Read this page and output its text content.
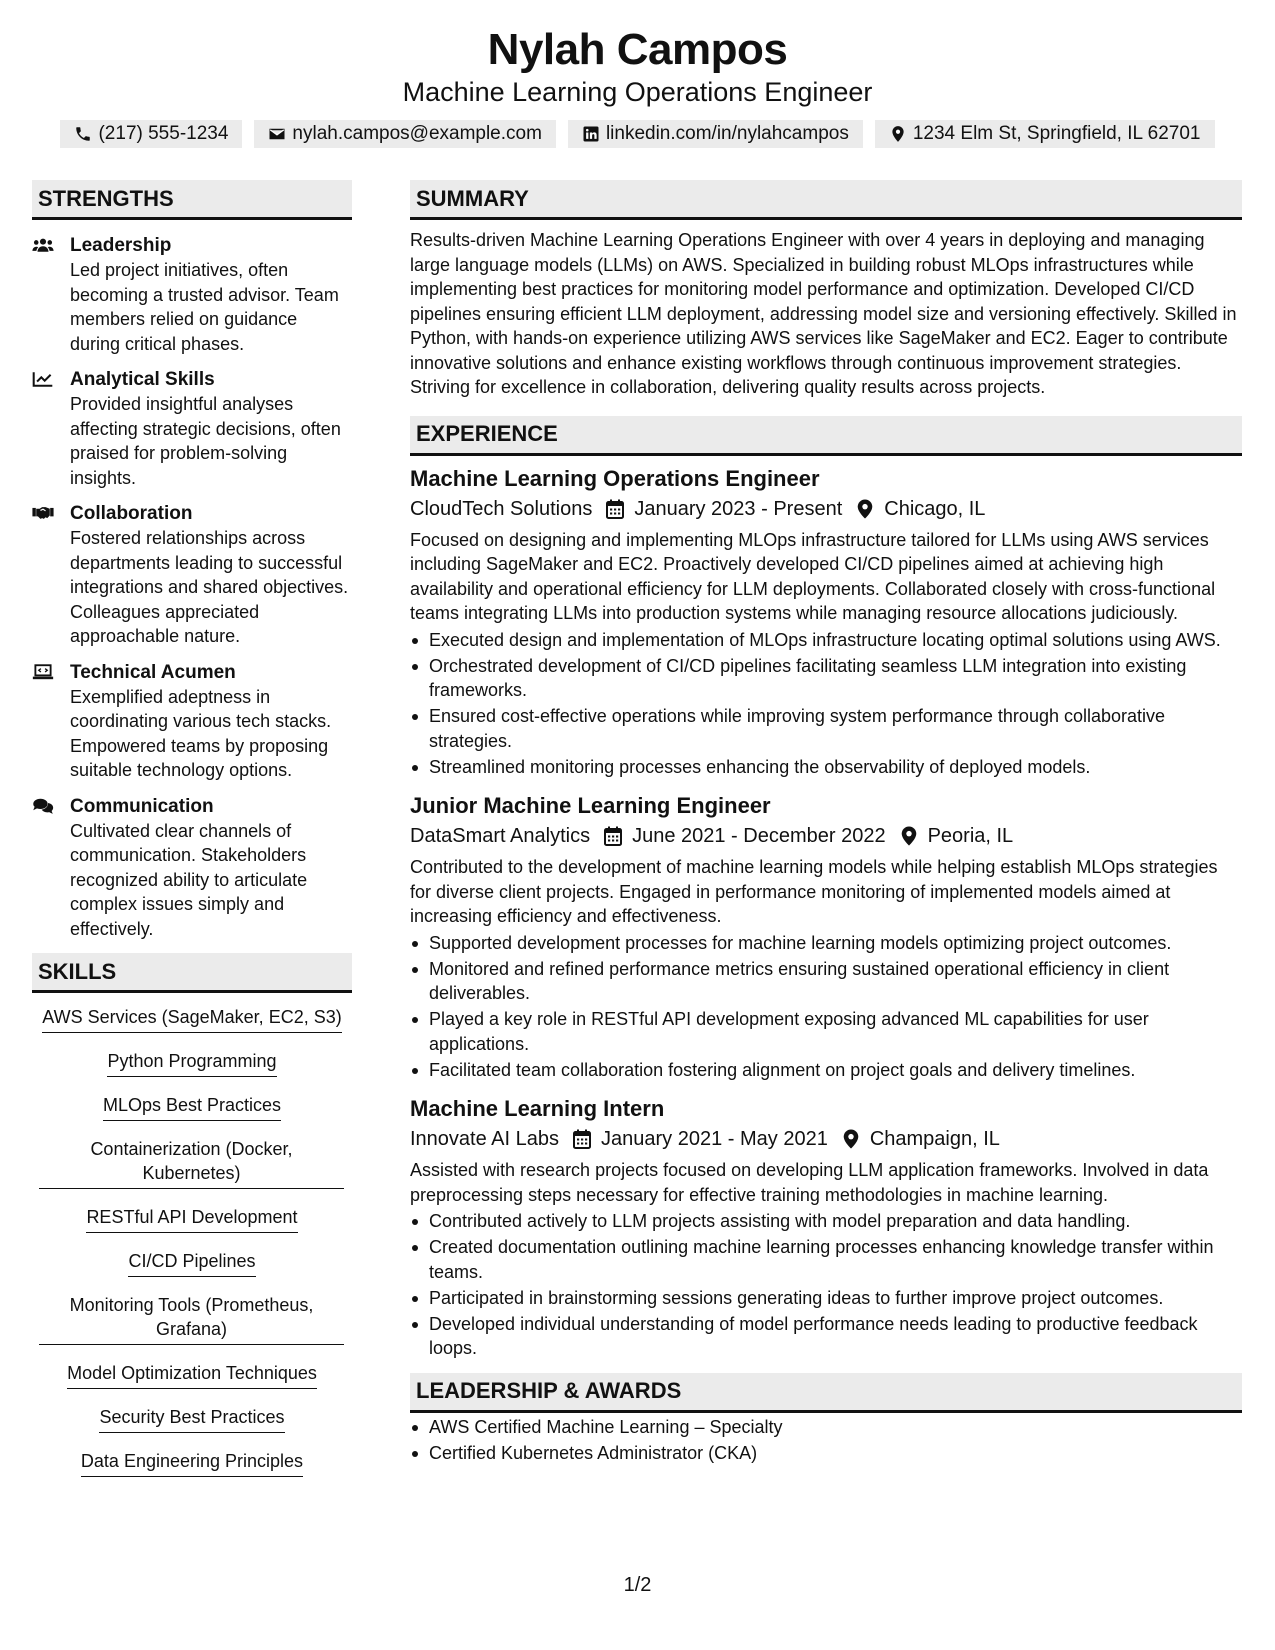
Nylah Campos
Machine Learning Operations Engineer
(217) 555-1234	nylah.campos@example.com	linkedin.com/in/nylahcampos	1234 Elm St, Springfield, IL 62701
STRENGTHS
Leadership
Led project initiatives, often becoming a trusted advisor. Team members relied on guidance during critical phases.
Analytical Skills
Provided insightful analyses affecting strategic decisions, often praised for problem-solving insights.
Collaboration
Fostered relationships across departments leading to successful integrations and shared objectives. Colleagues appreciated approachable nature.
Technical Acumen
Exemplified adeptness in coordinating various tech stacks. Empowered teams by proposing suitable technology options.
Communication
Cultivated clear channels of communication. Stakeholders recognized ability to articulate complex issues simply and effectively.
SKILLS
AWS Services (SageMaker, EC2, S3)
Python Programming
MLOps Best Practices
Containerization (Docker, Kubernetes)
RESTful API Development
CI/CD Pipelines
Monitoring Tools (Prometheus, Grafana)
Model Optimization Techniques
Security Best Practices
Data Engineering Principles
SUMMARY
Results-driven Machine Learning Operations Engineer with over 4 years in deploying and managing large language models (LLMs) on AWS. Specialized in building robust MLOps infrastructures while implementing best practices for monitoring model performance and optimization. Developed CI/CD pipelines ensuring efficient LLM deployment, addressing model size and versioning effectively. Skilled in Python, with hands-on experience utilizing AWS services like SageMaker and EC2. Eager to contribute innovative solutions and enhance existing workflows through continuous improvement strategies. Striving for excellence in collaboration, delivering quality results across projects.
EXPERIENCE
Machine Learning Operations Engineer
CloudTech Solutions January 2023 - Present Chicago, IL
Focused on designing and implementing MLOps infrastructure tailored for LLMs using AWS services including SageMaker and EC2. Proactively developed CI/CD pipelines aimed at achieving high availability and operational efficiency for LLM deployments. Collaborated closely with cross-functional teams integrating LLMs into production systems while managing resource allocations judiciously.
Executed design and implementation of MLOps infrastructure locating optimal solutions using AWS.
Orchestrated development of CI/CD pipelines facilitating seamless LLM integration into existing frameworks.
Ensured cost-effective operations while improving system performance through collaborative strategies.
Streamlined monitoring processes enhancing the observability of deployed models.
Junior Machine Learning Engineer
DataSmart Analytics June 2021 - December 2022 Peoria, IL
Contributed to the development of machine learning models while helping establish MLOps strategies for diverse client projects. Engaged in performance monitoring of implemented models aimed at increasing efficiency and effectiveness.
Supported development processes for machine learning models optimizing project outcomes.
Monitored and refined performance metrics ensuring sustained operational efficiency in client deliverables.
Played a key role in RESTful API development exposing advanced ML capabilities for user applications.
Facilitated team collaboration fostering alignment on project goals and delivery timelines.
Machine Learning Intern
Innovate AI Labs January 2021 - May 2021 Champaign, IL
Assisted with research projects focused on developing LLM application frameworks. Involved in data preprocessing steps necessary for effective training methodologies in machine learning.
Contributed actively to LLM projects assisting with model preparation and data handling.
Created documentation outlining machine learning processes enhancing knowledge transfer within teams.
Participated in brainstorming sessions generating ideas to further improve project outcomes.
Developed individual understanding of model performance needs leading to productive feedback loops.
LEADERSHIP & AWARDS
AWS Certified Machine Learning – Specialty
Certified Kubernetes Administrator (CKA)
1/2
